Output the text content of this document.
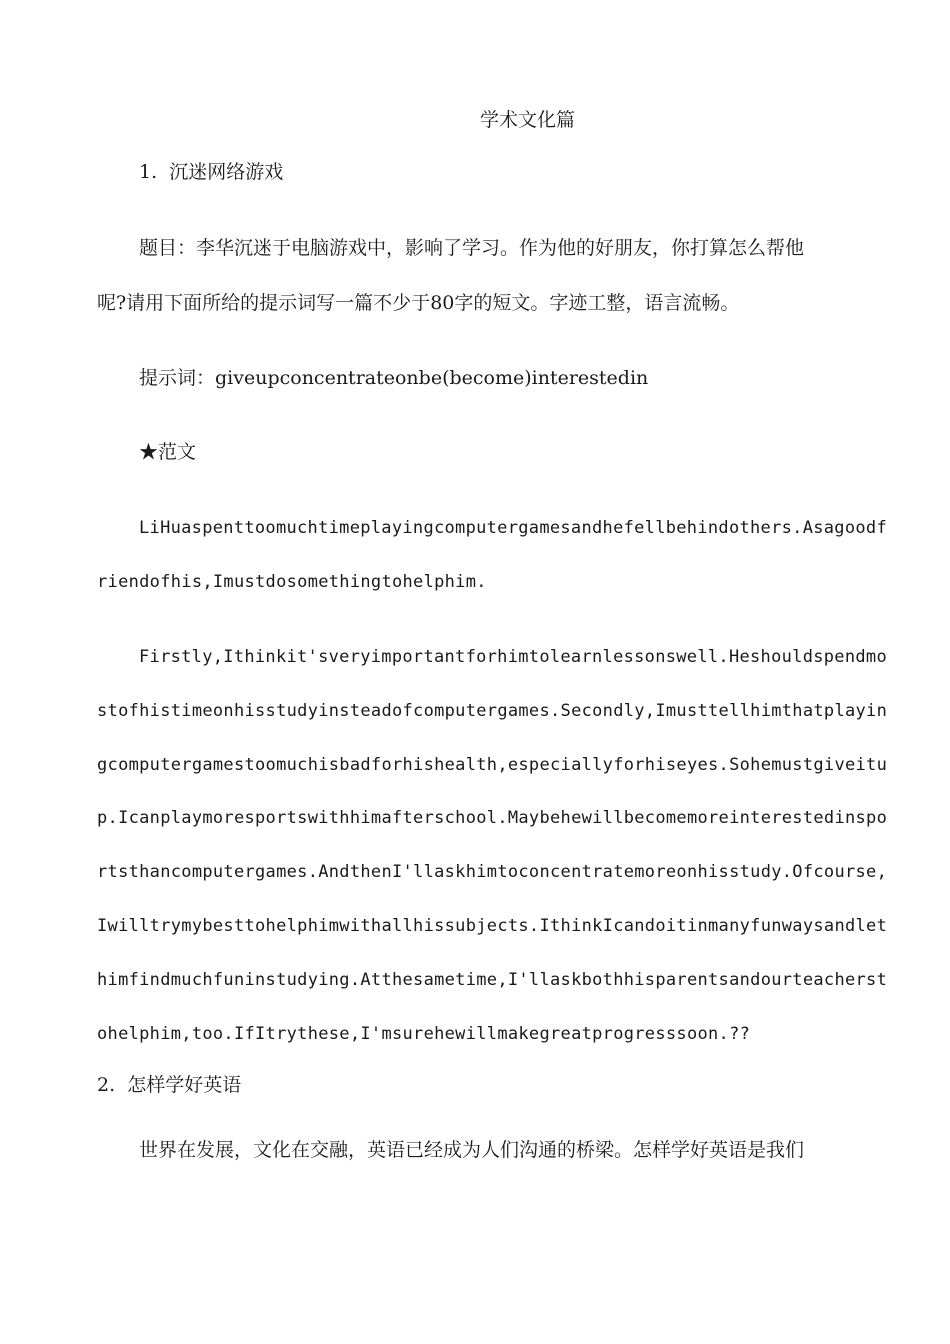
学术文化篇
1.  沉迷网络游戏
题目：李华沉迷于电脑游戏中，影响了学习。作为他的好朋友，你打算怎么帮他
呢?请用下面所给的提示词写一篇不少于80字的短文。字迹工整，语言流畅。
提示词：giveupconcentrateonbe(become)interestedin
★范文
LiHuaspenttoomuchtimeplayingcomputergamesandhefellbehindothers.Asagoodf
riendofhis,Imustdosomethingtohelphim.
Firstly,Ithinkit'sveryimportantforhimtolearnlessonswell.Heshouldspendmo
stofhistimeonhisstudyinsteadofcomputergames.Secondly,Imusttellhimthatplayin
gcomputergamestoomuchisbadforhishealth,especiallyforhiseyes.Sohemustgiveitu
p.Icanplaymoresportswithhimafterschool.Maybehewillbecomemoreinterestedinspo
rtsthancomputergames.AndthenI'llaskhimtoconcentratemoreonhisstudy.Ofcourse,
Iwilltrymybesttohelphimwithallhissubjects.IthinkIcandoitinmanyfunwaysandlet
himfindmuchfuninstudying.Atthesametime,I'llaskbothhisparentsandourteacherst
ohelphim,too.IfItrythese,I'msurehewillmakegreatprogresssoon.??
2.  怎样学好英语
世界在发展，文化在交融，英语已经成为人们沟通的桥梁。怎样学好英语是我们
